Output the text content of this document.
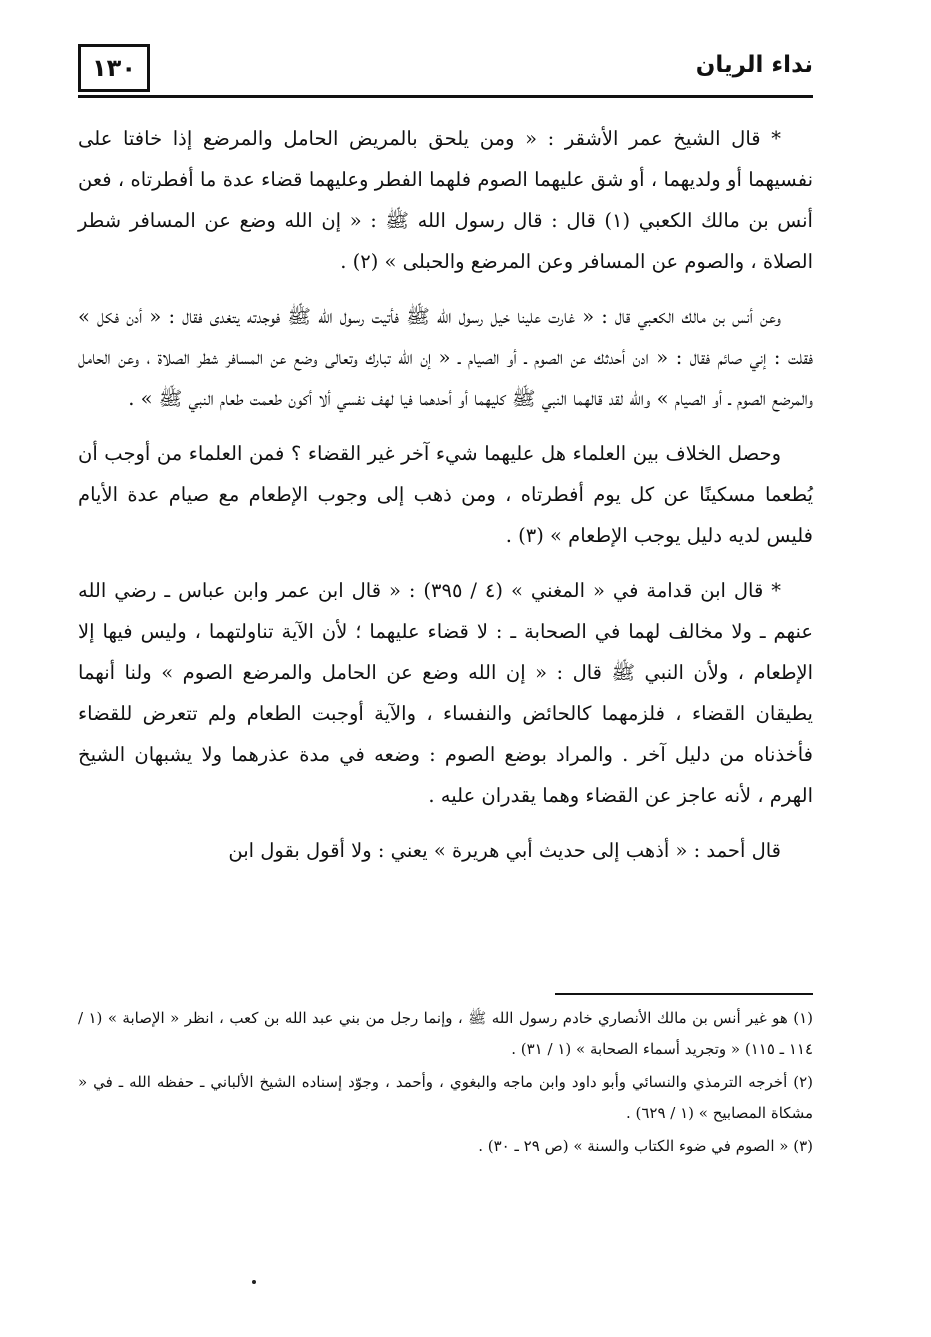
١٣٠	نداء الريان

* قال الشيخ عمر الأشقر : « ومن يلحق بالمريض الحامل والمرضع إذا خافتا على نفسيهما أو ولديهما ، أو شق عليهما الصوم فلهما الفطر وعليهما قضاء عدة ما أفطرتاه ، فعن أنس بن مالك الكعبي (١) قال : قال رسول الله ﷺ : « إن الله وضع عن المسافر شطر الصلاة ، والصوم عن المسافر وعن المرضع والحبلى » (٢) .

وعن أنس بن مالك الكعبي قال : « غارت علينا خيل رسول الله ﷺ فأتيت رسول الله ﷺ فوجدته يتغدى فقال : « أدن فكل » فقلت : إني صائم فقال : « ادن أحدثك عن الصوم ـ أو الصيام ـ « إن الله تبارك وتعالى وضع عن المسافر شطر الصلاة ، وعن الحامل والمرضع الصوم ـ أو الصيام » والله لقد قالهما النبي ﷺ كليهما أو أحدهما فيا لهف نفسي ألا أكون طعمت طعام النبي ﷺ » .

وحصل الخلاف بين العلماء هل عليهما شيء آخر غير القضاء ؟ فمن العلماء من أوجب أن يُطعما مسكينًا عن كل يوم أفطرتاه ، ومن ذهب إلى وجوب الإطعام مع صيام عدة الأيام فليس لديه دليل يوجب الإطعام » (٣) .

* قال ابن قدامة في « المغني » (٤ / ٣٩٥) : « قال ابن عمر وابن عباس ـ رضي الله عنهم ـ ولا مخالف لهما في الصحابة ـ : لا قضاء عليهما ؛ لأن الآية تناولتهما ، وليس فيها إلا الإطعام ، ولأن النبي ﷺ قال : « إن الله وضع عن الحامل والمرضع الصوم » ولنا أنهما يطيقان القضاء ، فلزمهما كالحائض والنفساء ، والآية أوجبت الطعام ولم تتعرض للقضاء فأخذناه من دليل آخر . والمراد بوضع الصوم : وضعه في مدة عذرهما ولا يشبهان الشيخ الهرم ، لأنه عاجز عن القضاء وهما يقدران عليه .

قال أحمد : « أذهب إلى حديث أبي هريرة » يعني : ولا أقول بقول ابن

(١) هو غير أنس بن مالك الأنصاري خادم رسول الله ﷺ ، وإنما رجل من بني عبد الله بن كعب ، انظر « الإصابة » (١ / ١١٤ ـ ١١٥) « وتجريد أسماء الصحابة » (١ / ٣١) .

(٢) أخرجه الترمذي والنسائي وأبو داود وابن ماجه والبغوي ، وأحمد ، وجوّد إسناده الشيخ الألباني ـ حفظه الله ـ في « مشكاة المصابيح » (١ / ٦٢٩) .

(٣) « الصوم في ضوء الكتاب والسنة » (ص ٢٩ ـ ٣٠) .
